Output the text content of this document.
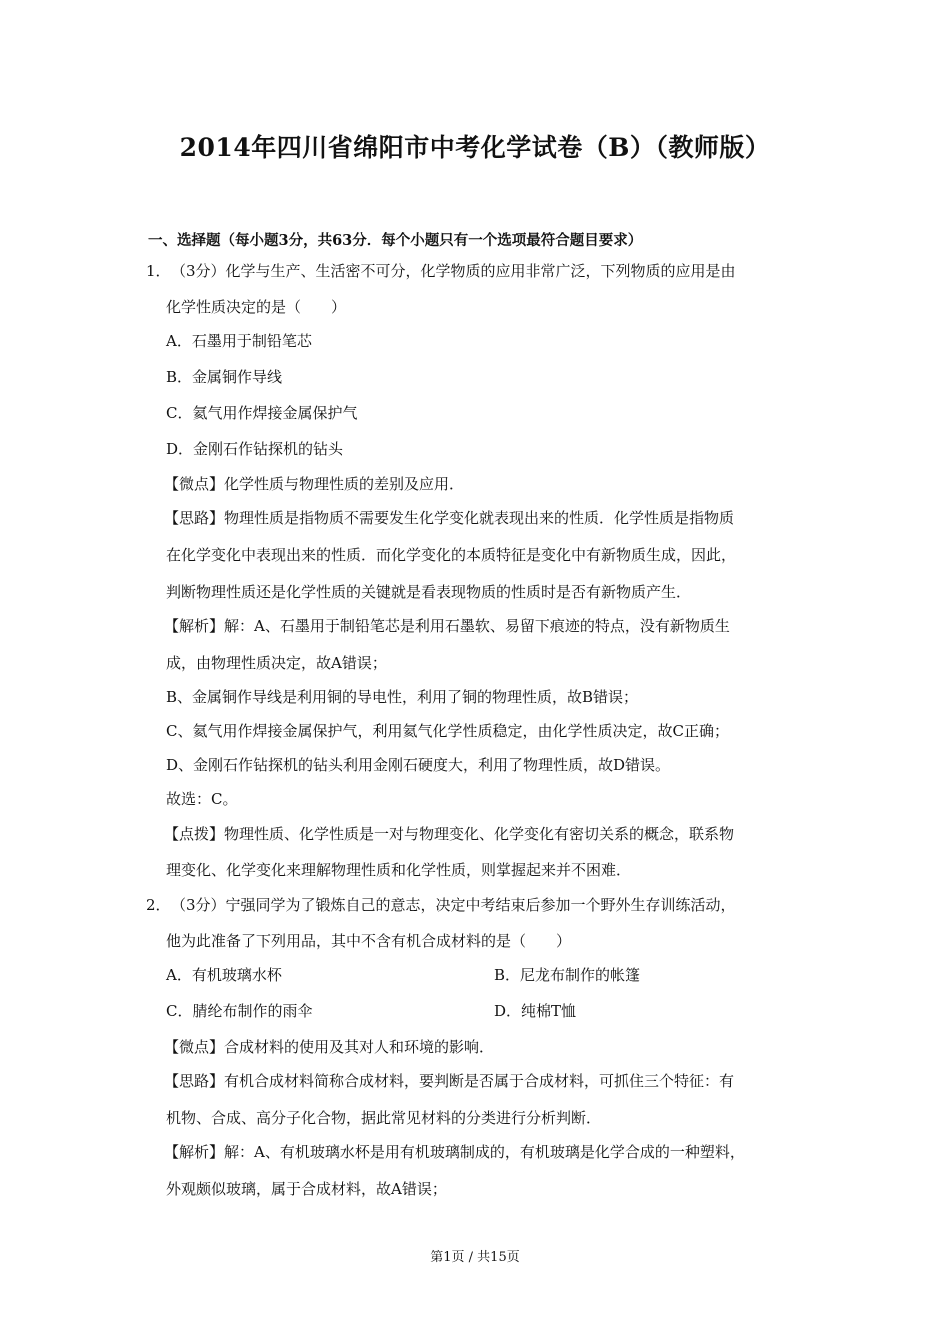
2014年四川省绵阳市中考化学试卷（B）（教师版）
一、选择题（每小题3分，共63分．每个小题只有一个选项最符合题目要求）
1． （3分）化学与生产、生活密不可分，化学物质的应用非常广泛，下列物质的应用是由
化学性质决定的是（　　）
A．石墨用于制铅笔芯
B．金属铜作导线
C．氦气用作焊接金属保护气
D．金刚石作钻探机的钻头
【微点】化学性质与物理性质的差别及应用．
【思路】物理性质是指物质不需要发生化学变化就表现出来的性质．化学性质是指物质
在化学变化中表现出来的性质．而化学变化的本质特征是变化中有新物质生成，因此，
判断物理性质还是化学性质的关键就是看表现物质的性质时是否有新物质产生．
【解析】解：A、石墨用于制铅笔芯是利用石墨软、易留下痕迹的特点，没有新物质生
成，由物理性质决定，故A错误；
B、金属铜作导线是利用铜的导电性，利用了铜的物理性质，故B错误；
C、氦气用作焊接金属保护气，利用氦气化学性质稳定，由化学性质决定，故C正确；
D、金刚石作钻探机的钻头利用金刚石硬度大，利用了物理性质，故D错误。
故选：C。
【点拨】物理性质、化学性质是一对与物理变化、化学变化有密切关系的概念，联系物
理变化、化学变化来理解物理性质和化学性质，则掌握起来并不困难．
2． （3分）宁强同学为了锻炼自己的意志，决定中考结束后参加一个野外生存训练活动，
他为此准备了下列用品，其中不含有机合成材料的是（　　）
A．有机玻璃水杯	B．尼龙布制作的帐篷
C．腈纶布制作的雨伞	D．纯棉T恤
【微点】合成材料的使用及其对人和环境的影响．
【思路】有机合成材料简称合成材料，要判断是否属于合成材料，可抓住三个特征：有
机物、合成、高分子化合物，据此常见材料的分类进行分析判断．
【解析】解：A、有机玻璃水杯是用有机玻璃制成的，有机玻璃是化学合成的一种塑料，
外观颇似玻璃，属于合成材料，故A错误；
第1页 / 共15页
